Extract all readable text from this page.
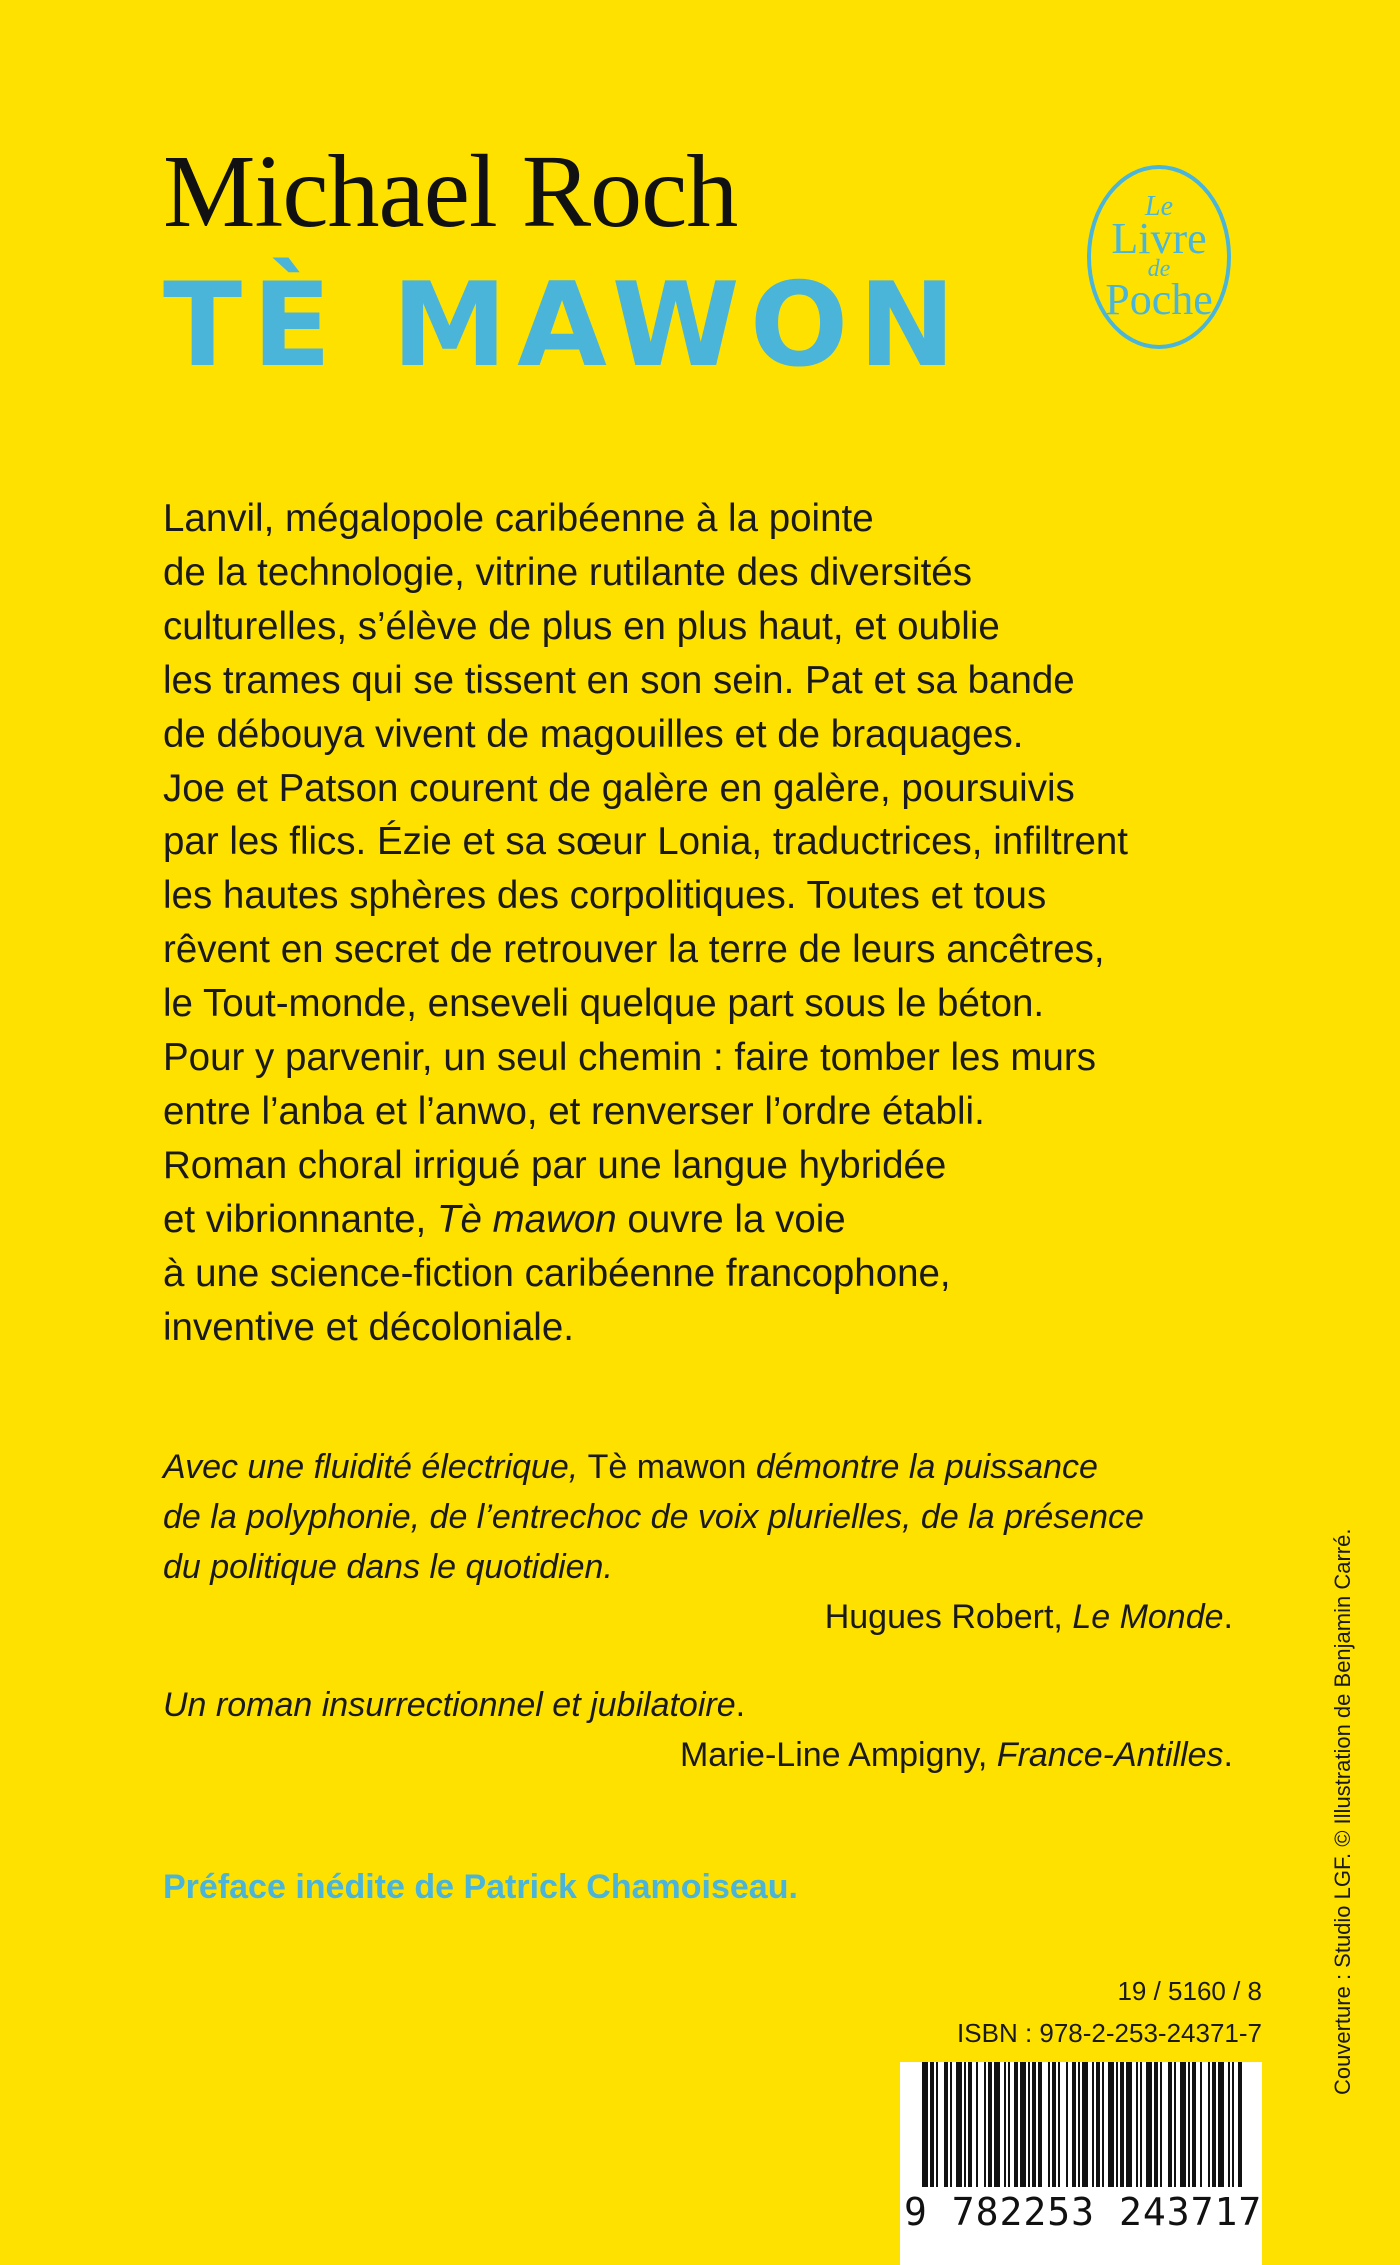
Michael Roch
TÈ MAWON
Le
Livre
de
Poche
Lanvil, mégalopole caribéenne à la pointe
de la technologie, vitrine rutilante des diversités
culturelles, s’élève de plus en plus haut, et oublie
les trames qui se tissent en son sein. Pat et sa bande
de débouya vivent de magouilles et de braquages.
Joe et Patson courent de galère en galère, poursuivis
par les flics. Ézie et sa sœur Lonia, traductrices, infiltrent
les hautes sphères des corpolitiques. Toutes et tous
rêvent en secret de retrouver la terre de leurs ancêtres,
le Tout-monde, enseveli quelque part sous le béton.
Pour y parvenir, un seul chemin : faire tomber les murs
entre l’anba et l’anwo, et renverser l’ordre établi.
Roman choral irrigué par une langue hybridée
et vibrionnante, Tè mawon ouvre la voie
à une science-fiction caribéenne francophone,
inventive et décoloniale.
Avec une fluidité électrique, Tè mawon démontre la puissance
de la polyphonie, de l’entrechoc de voix plurielles, de la présence
du politique dans le quotidien.
Hugues Robert, Le Monde.
Un roman insurrectionnel et jubilatoire.
Marie-Line Ampigny, France-Antilles.
Préface inédite de Patrick Chamoiseau.
19 / 5160 / 8
ISBN : 978-2-253-24371-7
9 782253 243717
Couverture : Studio LGF. © Illustration de Benjamin Carré.
